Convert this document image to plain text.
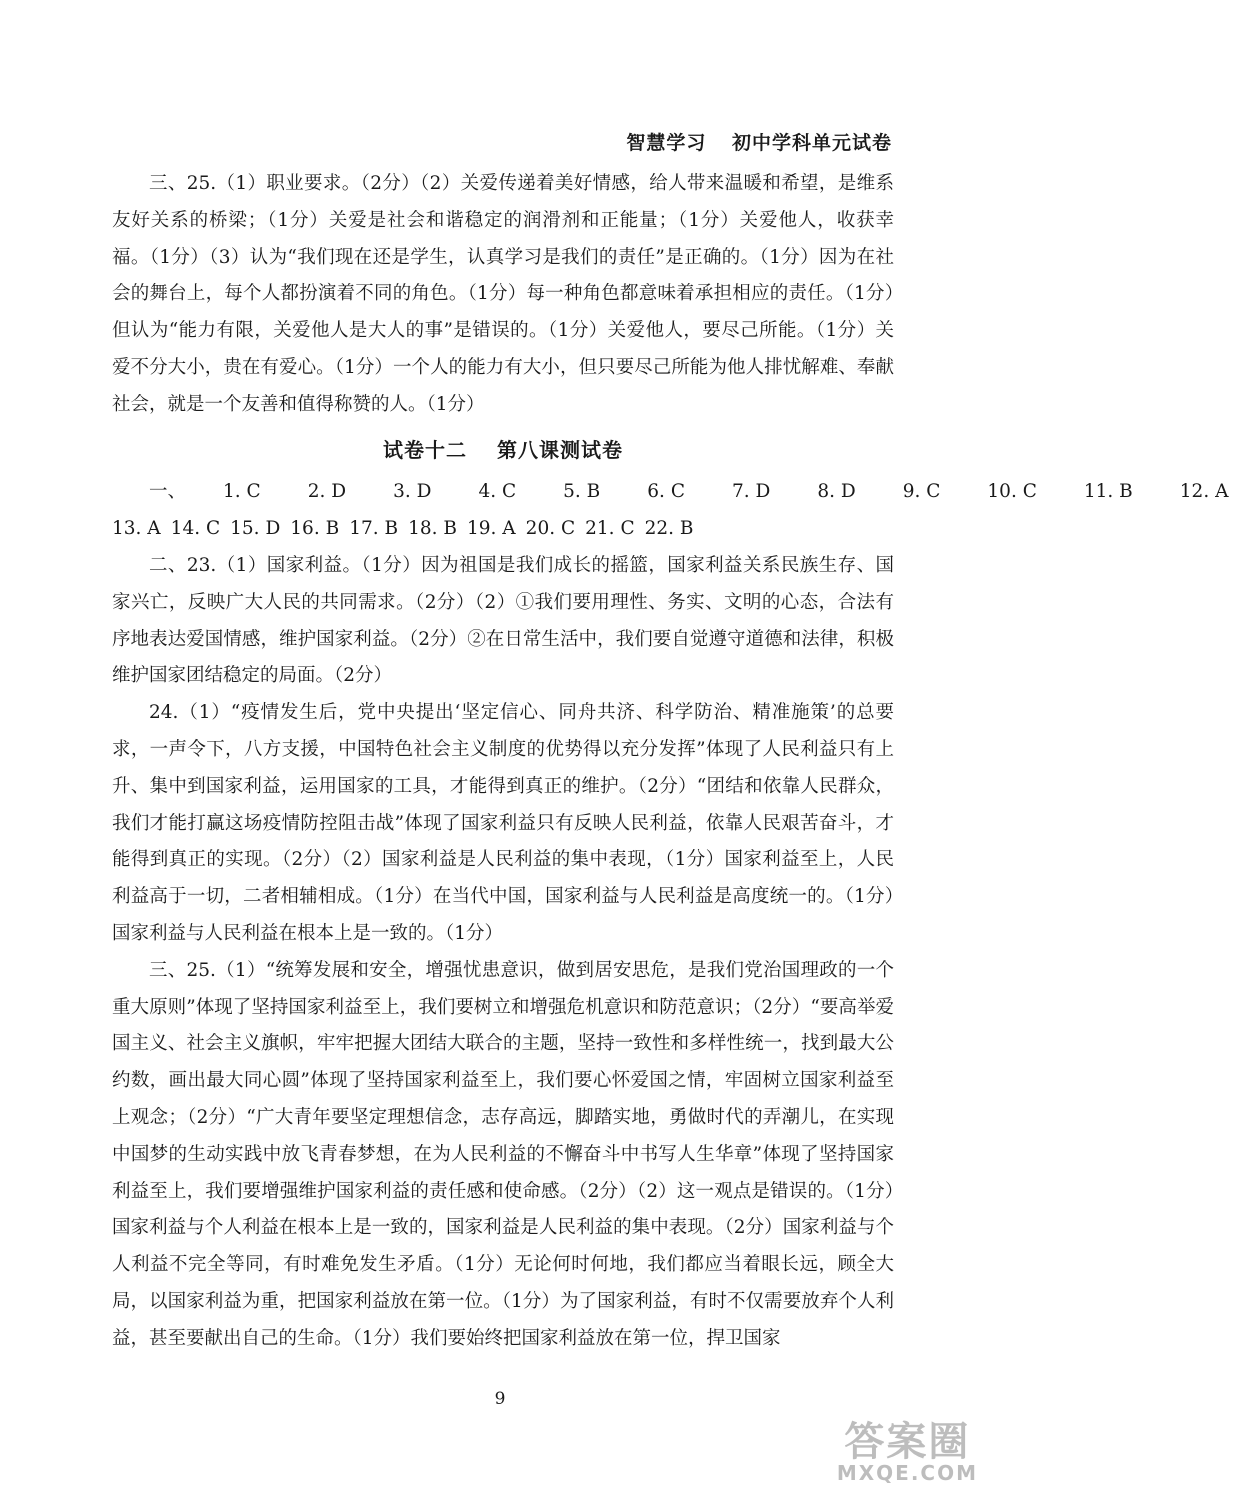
智慧学习 初中学科单元试卷

三、25.（1）职业要求。（2分）（2）关爱传递着美好情感，给人带来温暖和希望，是维系友好关系的桥梁；（1分）关爱是社会和谐稳定的润滑剂和正能量；（1分）关爱他人，收获幸福。（1分）（3）认为“我们现在还是学生，认真学习是我们的责任”是正确的。（1分）因为在社会的舞台上，每个人都扮演着不同的角色。（1分）每一种角色都意味着承担相应的责任。（1分）但认为“能力有限，关爱他人是大人的事”是错误的。（1分）关爱他人，要尽己所能。（1分）关爱不分大小，贵在有爱心。（1分）一个人的能力有大小，但只要尽己所能为他人排忧解难、奉献社会，就是一个友善和值得称赞的人。（1分）

试卷十二 第八课测试卷
一、 1. C	2. D	3. D	4. C	5. B	6. C	7. D	8. D	9. C	10. C	11. B	12. A
13. A 14. C 15. D 16. B 17. B 18. B 19. A 20. C 21. C 22. B

二、23.（1）国家利益。（1分）因为祖国是我们成长的摇篮，国家利益关系民族生存、国家兴亡，反映广大人民的共同需求。（2分）（2）①我们要用理性、务实、文明的心态，合法有序地表达爱国情感，维护国家利益。（2分）②在日常生活中，我们要自觉遵守道德和法律，积极维护国家团结稳定的局面。（2分）

24.（1）“疫情发生后，党中央提出‘坚定信心、同舟共济、科学防治、精准施策’的总要求，一声令下，八方支援，中国特色社会主义制度的优势得以充分发挥”体现了人民利益只有上升、集中到国家利益，运用国家的工具，才能得到真正的维护。（2分）“团结和依靠人民群众，我们才能打赢这场疫情防控阻击战”体现了国家利益只有反映人民利益，依靠人民艰苦奋斗，才能得到真正的实现。（2分）（2）国家利益是人民利益的集中表现，（1分）国家利益至上，人民利益高于一切，二者相辅相成。（1分）在当代中国，国家利益与人民利益是高度统一的。（1分）国家利益与人民利益在根本上是一致的。（1分）

三、25.（1）“统筹发展和安全，增强忧患意识，做到居安思危，是我们党治国理政的一个重大原则”体现了坚持国家利益至上，我们要树立和增强危机意识和防范意识；（2分）“要高举爱国主义、社会主义旗帜，牢牢把握大团结大联合的主题，坚持一致性和多样性统一，找到最大公约数，画出最大同心圆”体现了坚持国家利益至上，我们要心怀爱国之情，牢固树立国家利益至上观念；（2分）“广大青年要坚定理想信念，志存高远，脚踏实地，勇做时代的弄潮儿，在实现中国梦的生动实践中放飞青春梦想，在为人民利益的不懈奋斗中书写人生华章”体现了坚持国家利益至上，我们要增强维护国家利益的责任感和使命感。（2分）（2）这一观点是错误的。（1分）国家利益与个人利益在根本上是一致的，国家利益是人民利益的集中表现。（2分）国家利益与个人利益不完全等同，有时难免发生矛盾。（1分）无论何时何地，我们都应当着眼长远，顾全大局，以国家利益为重，把国家利益放在第一位。（1分）为了国家利益，有时不仅需要放弃个人利益，甚至要献出自己的生命。（1分）我们要始终把国家利益放在第一位，捍卫国家

9
答案圈
MXQE.COM
